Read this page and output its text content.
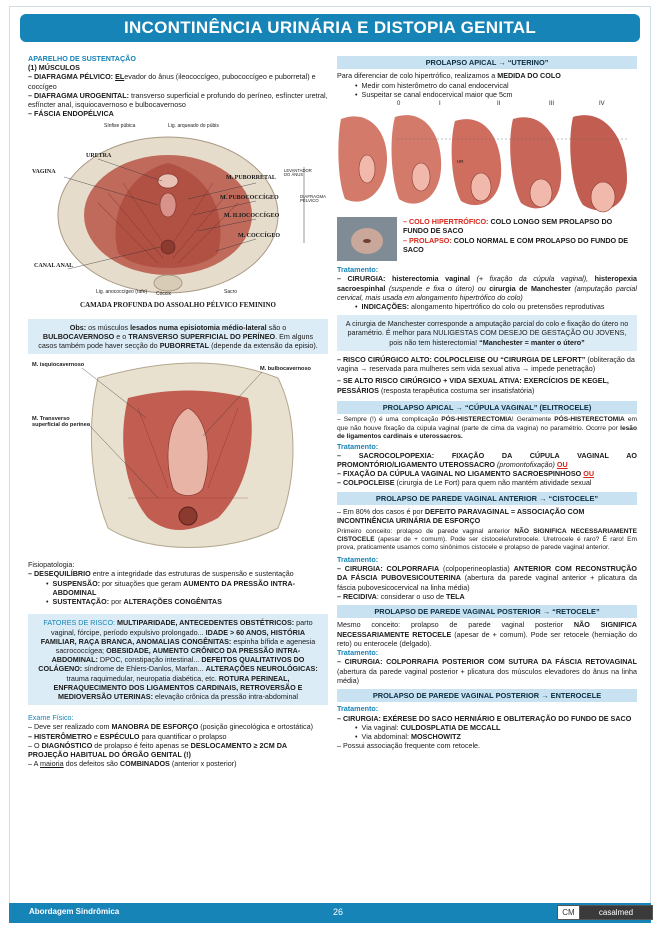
INCONTINÊNCIA URINÁRIA E DISTOPIA GENITAL

APARELHO DE SUSTENTAÇÃO

(1) MÚSCULOS

– DIAFRAGMA PÉLVICO: ELevador do ânus (ileococcígeo, pubococcígeo e puborretal) e coccígeo

– DIAFRAGMA UROGENITAL: transverso superficial e profundo do períneo, esfíncter uretral, esfíncter anal, isquiocavernoso e bulbocavernoso

– FÁSCIA ENDOPÉLVICA

Sínfise púbica	Lig. arqueado do púbis
URETRA
VAGINA
M. PUBORRETAL
M. PUBOCOCCÍGEO
M. ILIOCOCCÍGEO
M. COCCÍGEO
LEVANTADOR DO ÂNUS
DIAFRAGMA PÉLVICO
CANAL ANAL
Lig. anococcígeo (rafe) Cóccix	Sacro

CAMADA PROFUNDA DO ASSOALHO PÉLVICO FEMININO

Obs: os músculos lesados numa episiotomia médio-lateral são o BULBOCAVERNOSO e o TRANSVERSO SUPERFICIAL DO PERÍNEO. Em alguns casos também pode haver secção do PUBORRETAL (depende da extensão da episio).
M. isquiocavernoso
M. bulbocavernoso
M. Transverso superficial do períneo

Fisiopatologia:

– DESEQUILÍBRIO entre a integridade das estruturas de suspensão e sustentação

• SUSPENSÃO: por situações que geram AUMENTO DA PRESSÃO INTRA-ABDOMINAL
• SUSTENTAÇÃO: por ALTERAÇÕES CONGÊNITAS
FATORES DE RISCO: MULTIPARIDADE, ANTECEDENTES OBSTÉTRICOS: parto vaginal, fórcipe, período expulsivo prolongado... IDADE > 60 ANOS, HISTÓRIA FAMILIAR, RAÇA BRANCA, ANOMALIAS CONGÊNITAS: espinha bífida e agenesia sacrococcígea; OBESIDADE, AUMENTO CRÔNICO DA PRESSÃO INTRA-ABDOMINAL: DPOC, constipação intestinal... DEFEITOS QUALITATIVOS DO COLÁGENO: síndrome de Ehlers-Danlos, Marfan... ALTERAÇÕES NEUROLÓGICAS: trauma raquimedular, neuropatia diabética, etc. ROTURA PERINEAL, ENFRAQUECIMENTO DOS LIGAMENTOS CARDINAIS, RETROVERSÃO E MEDIOVERSÃO UTERINAS: elevação crônica da pressão intra-abdominal

Exame Físico:

– Deve ser realizado com MANOBRA DE ESFORÇO (posição ginecológica e ortostática)

– HISTERÔMETRO e ESPÉCULO para quantificar o prolapso

– O DIAGNÓSTICO de prolapso é feito apenas se DESLOCAMENTO ≥ 2CM DA PROJEÇÃO HABITUAL DO ÓRGÃO GENITAL (!)

– A maioria dos defeitos são COMBINADOS (anterior x posterior)

PROLAPSO APICAL → “UTERINO”

Para diferenciar de colo hipertrófico, realizamos a MEDIDA DO COLO

• Medir com histerômetro do canal endocervical
• Suspeitar se canal endocervical maior que 5cm
0	I	II	III	IV
HR

– COLO HIPERTRÓFICO: COLO LONGO SEM PROLAPSO DO FUNDO DE SACO

– PROLAPSO: COLO NORMAL E COM PROLAPSO DO FUNDO DE SACO

Tratamento:

– CIRURGIA: histerectomia vaginal (+ fixação da cúpula vaginal), histeropexia sacroespinhal (suspende e fixa o útero) ou cirurgia de Manchester (amputação parcial cervical, mais usada em alongamento hipertrófico do colo)

• INDICAÇÕES: alongamento hipertrófico do colo ou pretensões reprodutivas
A cirurgia de Manchester corresponde a amputação parcial do colo e fixação do útero no paramétrio. É melhor para NULIGESTAS COM DESEJO DE GESTAÇÃO OU JOVENS, pois não tem histerectomia! “Manchester = manter o útero”

– RISCO CIRÚRGICO ALTO: COLPOCLEISE OU “CIRURGIA DE LEFORT” (obliteração da vagina → reservada para mulheres sem vida sexual ativa → impede penetração)

– SE ALTO RISCO CIRÚRGICO + VIDA SEXUAL ATIVA: EXERCÍCIOS DE KEGEL, PESSÁRIOS (resposta terapêutica costuma ser insatisfatória)

PROLAPSO APICAL → “CÚPULA VAGINAL” (ELITROCELE)

– Sempre (!) é uma complicação PÓS-HISTERECTOMIA! Geralmente PÓS-HISTERECTOMIA em que não houve fixação da cúpula vaginal (parte de cima da vagina) no paramétrio. Ocorre por lesão de ligamentos cardinais e uterossacros.

Tratamento:

– SACROCOLPOPEXIA: FIXAÇÃO DA CÚPULA VAGINAL AO PROMONTÓRIO/LIGAMENTO UTEROSSACRO (promontofixação) OU

– FIXAÇÃO DA CÚPULA VAGINAL NO LIGAMENTO SACROESPINHOSO OU

– COLPOCLEISE (cirurgia de Le Fort) para quem não mantém atividade sexual

PROLAPSO DE PAREDE VAGINAL ANTERIOR → “CISTOCELE”

– Em 80% dos casos é por DEFEITO PARAVAGINAL = ASSOCIAÇÃO COM INCONTINÊNCIA URINÁRIA DE ESFORÇO

Primeiro conceito: prolapso de parede vaginal anterior NÃO SIGNIFICA NECESSARIAMENTE CISTOCELE (apesar de + comum). Pode ser cistocele/uretrocele. Uretrocele é raro? É raro! Em prova, praticamente usamos como sinônimos cistocele e prolapso de parede vaginal anterior.

Tratamento:

– CIRURGIA: COLPORRAFIA (colpoperineoplastia) ANTERIOR COM RECONSTRUÇÃO DA FÁSCIA PUBOVESICOUTERINA (abertura da parede vaginal anterior + plicatura da fáscia pubovesicocervical na linha média)

– RECIDIVA: considerar o uso de TELA

PROLAPSO DE PAREDE VAGINAL POSTERIOR → “RETOCELE”

Mesmo conceito: prolapso de parede vaginal posterior NÃO SIGNIFICA NECESSARIAMENTE RETOCELE (apesar de + comum). Pode ser retocele (herniação do reto) ou enterocele (delgado).

Tratamento:

– CIRURGIA: COLPORRAFIA POSTERIOR COM SUTURA DA FÁSCIA RETOVAGINAL (abertura da parede vaginal posterior + plicatura dos músculos elevadores do ânus na linha média)

PROLAPSO DE PAREDE VAGINAL POSTERIOR → ENTEROCELE

Tratamento:

– CIRURGIA: EXÉRESE DO SACO HERNIÁRIO E OBLITERAÇÃO DO FUNDO DE SACO

• Via vaginal: CULDOSPLATIA DE MCCALL
• Via abdominal: MOSCHOWITZ

– Possui associação frequente com retocele.

Abordagem Sindrômica	26	CM	casalmed
